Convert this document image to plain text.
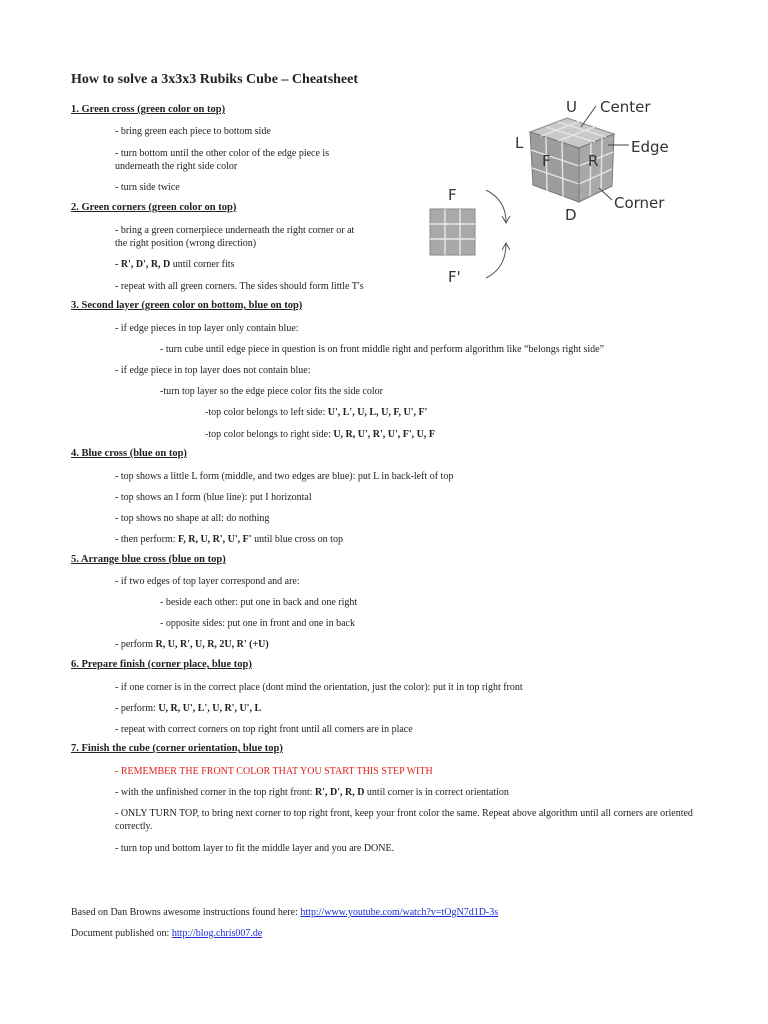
How to solve a 3x3x3 Rubiks Cube – Cheatsheet
U Center
L
F R
Edge
Corner
D
F
F'
1. Green cross (green color on top)
- bring green each piece to bottom side
- turn bottom until the other color of the edge piece is
underneath the right side color
- turn side twice
2. Green corners (green color on top)
- bring a green cornerpiece underneath the right corner or at
the right position (wrong direction)
- R', D', R, D until corner fits
- repeat with all green corners. The sides should form little T's
3. Second layer (green color on bottom, blue on top)
- if edge pieces in top layer only contain blue:
- turn cube until edge piece in question is on front middle right and perform algorithm like “belongs right side”
- if edge piece in top layer does not contain blue:
-turn top layer so the edge piece color fits the side color
-top color belongs to left side: U', L', U, L, U, F, U', F'
-top color belongs to right side: U, R, U', R', U', F', U, F
4. Blue cross (blue on top)
- top shows a little L form (middle, and two edges are blue): put L in back-left of top
- top shows an I form (blue line): put I horizontal
- top shows no shape at all: do nothing
- then perform: F, R, U, R', U', F' until blue cross on top
5. Arrange blue cross (blue on top)
- if two edges of top layer correspond and are:
- beside each other: put one in back and one right
- opposite sides: put one in front and one in back
- perform R, U, R', U, R, 2U, R' (+U)
6. Prepare finish (corner place, blue top)
- if one corner is in the correct place (dont mind the orientation, just the color): put it in top right front
- perform: U, R, U', L', U, R', U', L
- repeat with correct corners on top right front until all corners are in place
7. Finish the cube (corner orientation, blue top)
- REMEMBER THE FRONT COLOR THAT YOU START THIS STEP WITH
- with the unfinished corner in the top right front: R', D', R, D until corner is in correct orientation
- ONLY TURN TOP, to bring next corner to top right front, keep your front color the same. Repeat above algorithm until all corners are oriented correctly.
- turn top und bottom layer to fit the middle layer and you are DONE.
Based on Dan Browns awesome instructions found here: http://www.youtube.com/watch?v=tOgN7d1D-3s
Document published on: http://blog.chris007.de
